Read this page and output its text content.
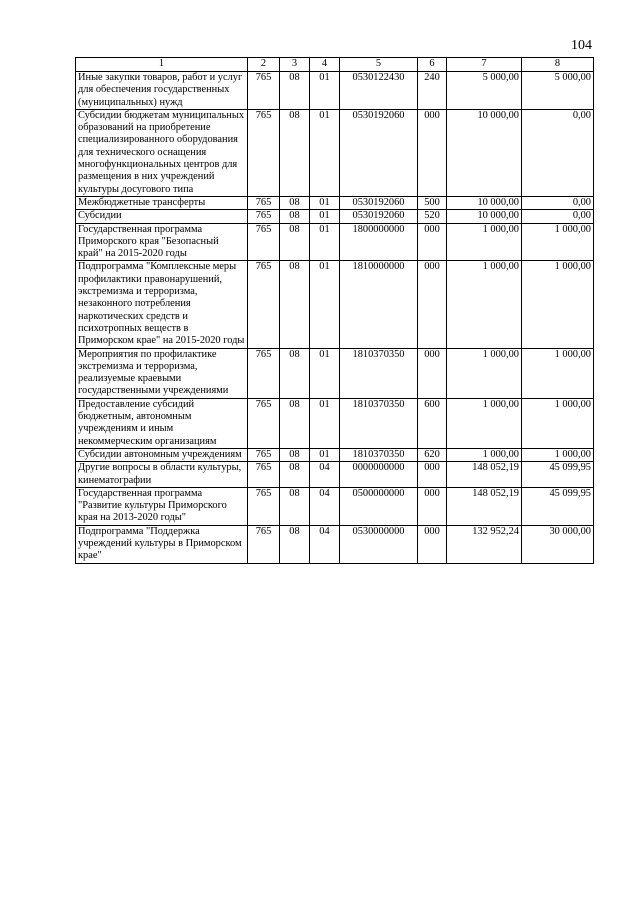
104
1	2	3	4	5	6	7	8
Иные закупки товаров, работ и услуг для обеспечения государственных (муниципальных) нужд	765	08	01	0530122430	240	5 000,00	5 000,00
Субсидии бюджетам муниципальных образований на приобретение специализированного оборудования для технического оснащения многофункциональных центров для размещения в них учреждений культуры досугового типа	765	08	01	0530192060	000	10 000,00	0,00
Межбюджетные трансферты	765	08	01	0530192060	500	10 000,00	0,00
Субсидии	765	08	01	0530192060	520	10 000,00	0,00
Государственная программа Приморского края "Безопасный край" на 2015-2020 годы	765	08	01	1800000000	000	1 000,00	1 000,00
Подпрограмма "Комплексные меры профилактики правонарушений, экстремизма и терроризма, незаконного потребления наркотических средств и психотропных веществ в Приморском крае" на 2015-2020 годы	765	08	01	1810000000	000	1 000,00	1 000,00
Мероприятия по профилактике экстремизма и терроризма, реализуемые краевыми государственными учреждениями	765	08	01	1810370350	000	1 000,00	1 000,00
Предоставление субсидий бюджетным, автономным учреждениям и иным некоммерческим организациям	765	08	01	1810370350	600	1 000,00	1 000,00
Субсидии автономным учреждениям	765	08	01	1810370350	620	1 000,00	1 000,00
Другие вопросы в области культуры, кинематографии	765	08	04	0000000000	000	148 052,19	45 099,95
Государственная программа "Развитие культуры Приморского края на 2013-2020 годы"	765	08	04	0500000000	000	148 052,19	45 099,95
Подпрограмма "Поддержка учреждений культуры в Приморском крае"	765	08	04	0530000000	000	132 952,24	30 000,00
